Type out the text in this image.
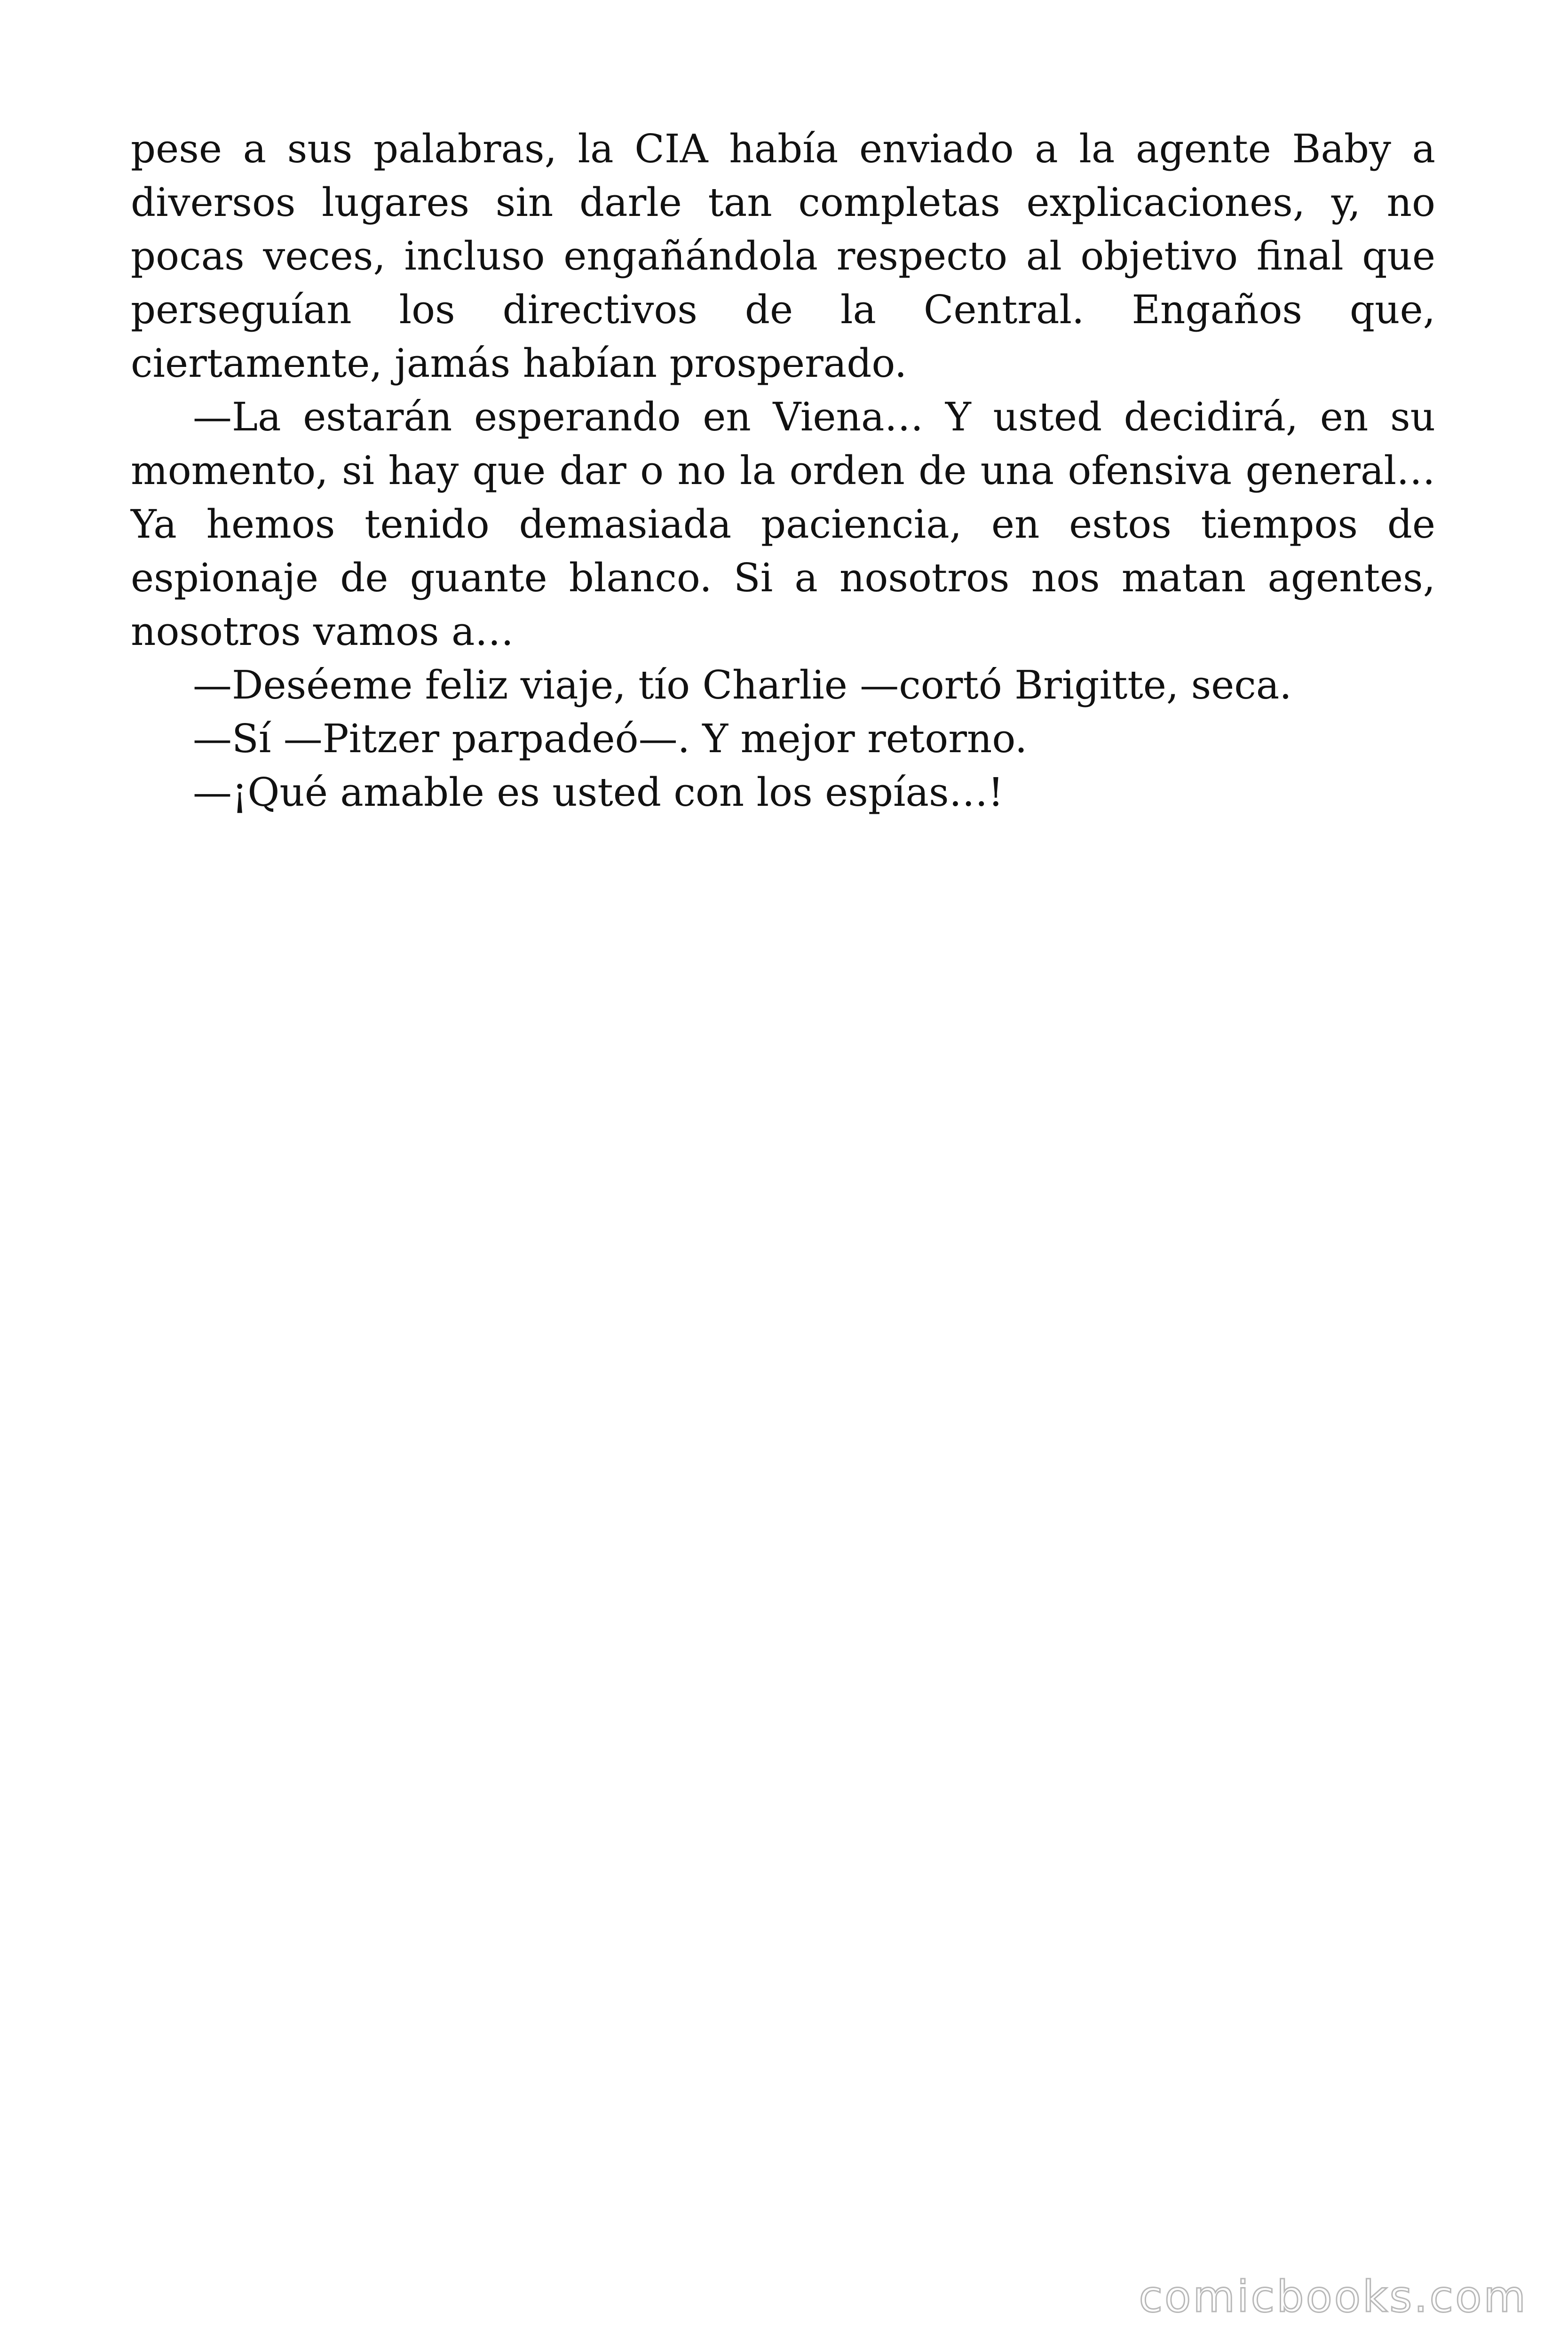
pese a sus palabras, la CIA había enviado a la agente Baby a diversos lugares sin darle tan completas explicaciones, y, no pocas veces, incluso engañándola respecto al objetivo final que perseguían los directivos de la Central. Engaños que, ciertamente, jamás habían prosperado.

—La estarán esperando en Viena… Y usted decidirá, en su momento, si hay que dar o no la orden de una ofensiva general… Ya hemos tenido demasiada paciencia, en estos tiempos de espionaje de guante blanco. Si a nosotros nos matan agentes, nosotros vamos a…

—Deséeme feliz viaje, tío Charlie —cortó Brigitte, seca.

—Sí —Pitzer parpadeó—. Y mejor retorno.

—¡Qué amable es usted con los espías…!

comicbooks.com
